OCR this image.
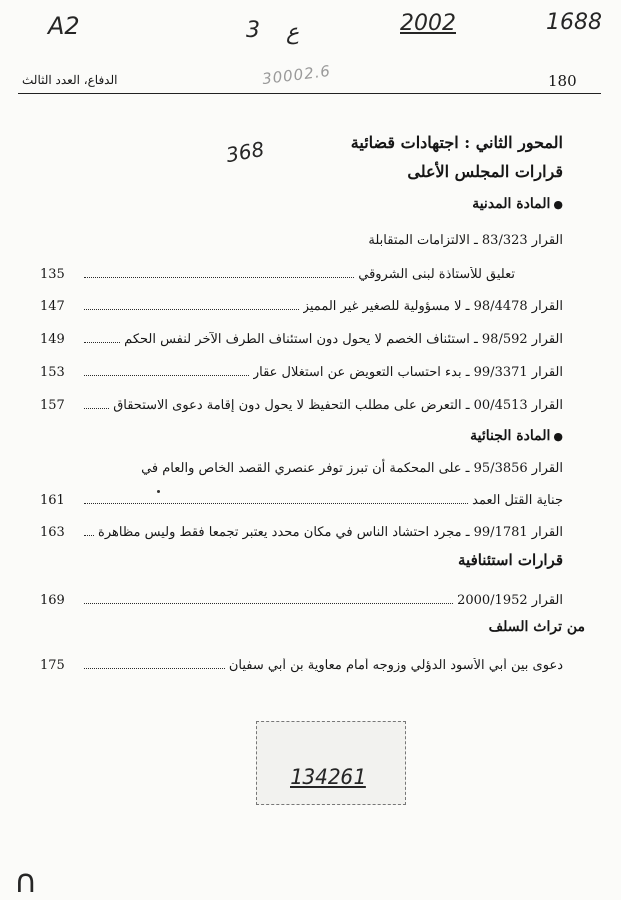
A2	3 ع	2002	1688
30002.6
368
∩
180
الدفاع، العدد الثالث
المحور الثاني : اجتهادات قضائية
قرارات المجلس الأعلى
●المادة المدنية
القرار 83/323 ـ الالتزامات المتقابلة
135	تعليق للأستاذة لبنى الشروقي
147	القرار 98/4478 ـ لا مسؤولية للصغير غير المميز
149	القرار 98/592 ـ استئناف الخصم لا يحول دون استئناف الطرف الآخر لنفس الحكم
153	القرار 99/3371 ـ بدء احتساب التعويض عن استغلال عقار
157	القرار 00/4513 ـ التعرض على مطلب التحفيظ لا يحول دون إقامة دعوى الاستحقاق
●المادة الجنائية
القرار 95/3856 ـ على المحكمة أن تبرز توفر عنصري القصد الخاص والعام في
161	جناية القتل العمد
163	القرار 99/1781 ـ مجرد احتشاد الناس في مكان محدد يعتبر تجمعا فقط وليس مظاهرة
قرارات استئنافية
169	القرار 2000/1952
من تراث السلف
175	دعوى بين أبي الأسود الدؤلي وزوجه أمام معاوية بن أبي سفيان
134261
